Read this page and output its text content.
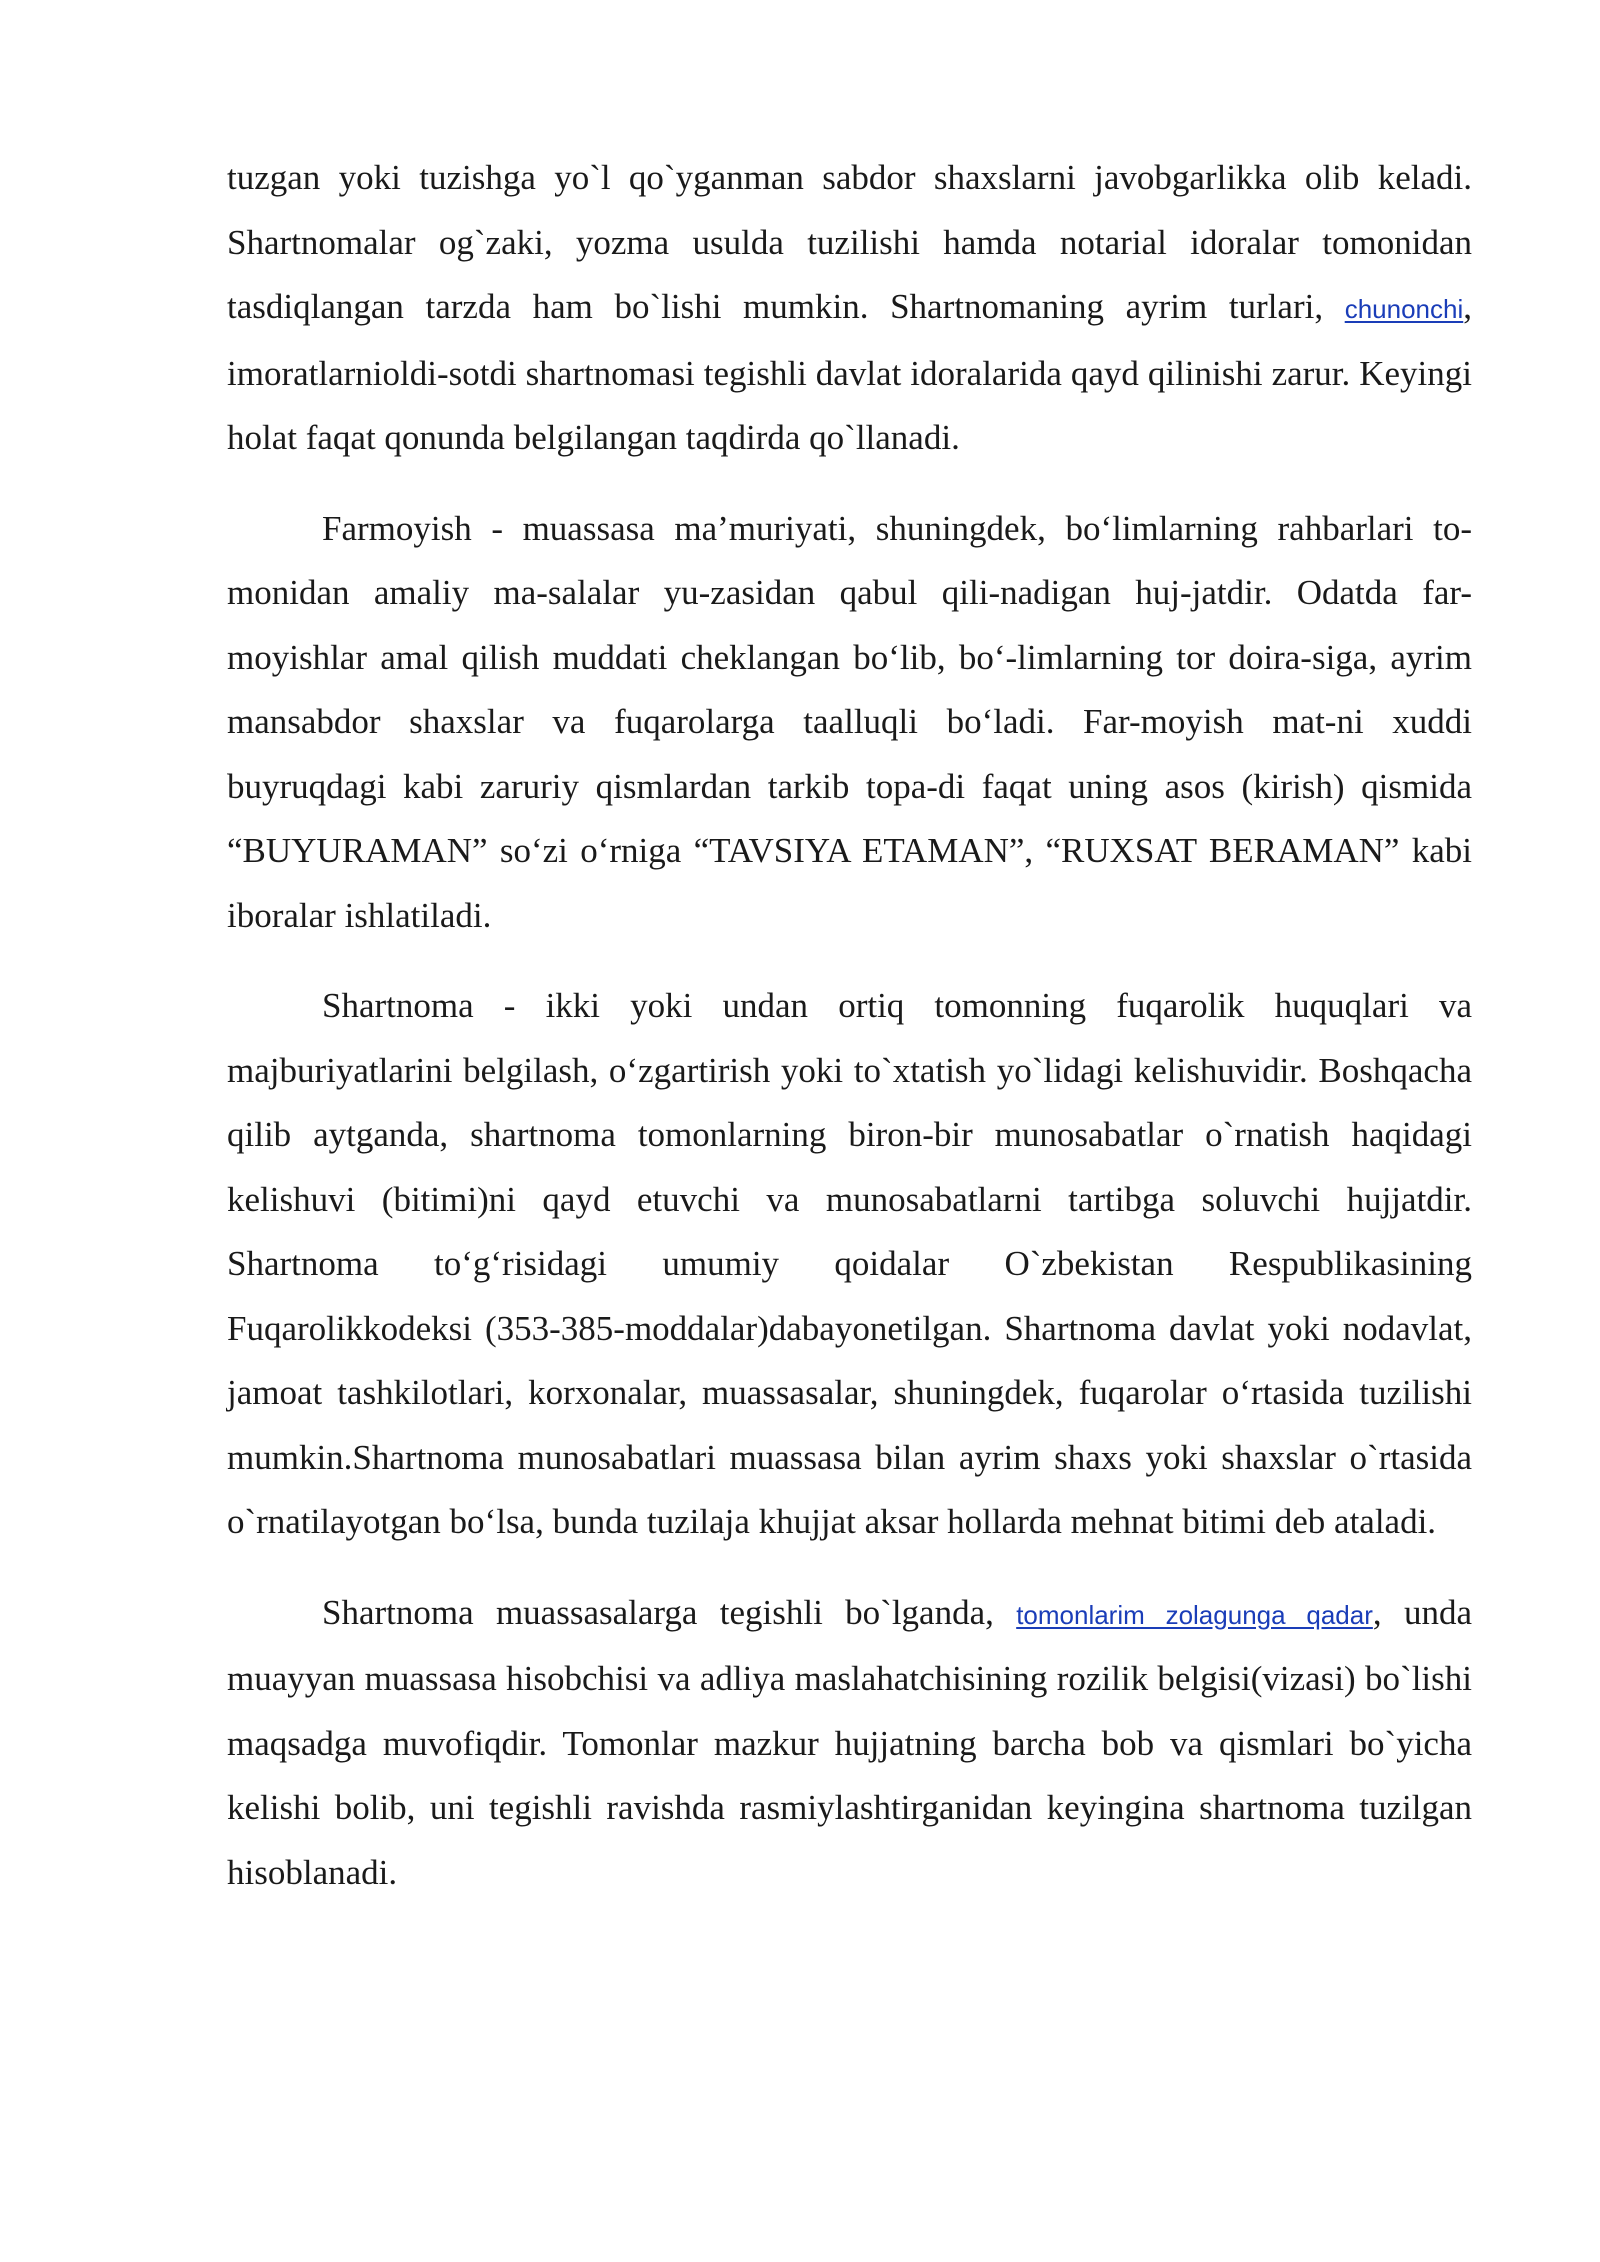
tuzgan yoki tuzishga yo`l qo`yganman sabdor shaxslarni javobgarlikka olib keladi. Shartnomalar og`zaki, yozma usulda tuzilishi hamda notarial idoralar tomonidan tasdiqlangan tarzda ham bo`lishi mumkin. Shartnomaning ayrim turlari, chunonchi, imoratlarnioldi-sotdi shartnomasi tegishli davlat idoralarida qayd qilinishi zarur. Keyingi holat faqat qonunda belgilangan taqdirda qo`llanadi.

Farmoyish - muassasa ma’muriyati, shuningdek, bo‘limlarning rahbarlari to-monidan amaliy ma-salalar yu-zasidan qabul qili-nadigan huj-jatdir. Odatda far-moyishlar amal qilish muddati cheklangan bo‘lib, bo‘-limlarning tor doira-siga, ayrim mansabdor shaxslar va fuqarolarga taalluqli bo‘ladi. Far-moyish mat-ni xuddi buyruqdagi kabi zaruriy qismlardan tarkib topa-di faqat uning asos (kirish) qismida “BUYURAMAN” so‘zi o‘rniga “TAVSIYA ETAMAN”, “RUXSAT BERAMAN” kabi iboralar ishlatiladi.

Shartnoma - ikki yoki undan ortiq tomonning fuqarolik huquqlari va majburiyatlarini belgilash, o‘zgartirish yoki to`xtatish yo`lidagi kelishuvidir. Boshqacha qilib aytganda, shartnoma tomonlarning biron-bir munosabatlar o`rnatish haqidagi kelishuvi (bitimi)ni qayd etuvchi va munosabatlarni tartibga soluvchi hujjatdir. Shartnoma to‘g‘risidagi umumiy qoidalar O`zbekistan Respublikasining Fuqarolikkodeksi (353-385-moddalar)dabayonetilgan. Shartnoma davlat yoki nodavlat, jamoat tashkilotlari, korxonalar, muassasalar, shuningdek, fuqarolar o‘rtasida tuzilishi mumkin.Shartnoma munosabatlari muassasa bilan ayrim shaxs yoki shaxslar o`rtasida o`rnatilayotgan bo‘lsa, bunda tuzilaja khujjat aksar hollarda mehnat bitimi deb ataladi.

Shartnoma muassasalarga tegishli bo`lganda, tomonlarim zolagunga qadar, unda muayyan muassasa hisobchisi va adliya maslahatchisining rozilik belgisi(vizasi) bo`lishi maqsadga muvofiqdir. Tomonlar mazkur hujjatning barcha bob va qismlari bo`yicha kelishi bolib, uni tegishli ravishda rasmiylashtirganidan keyingina shartnoma tuzilgan hisoblanadi.
